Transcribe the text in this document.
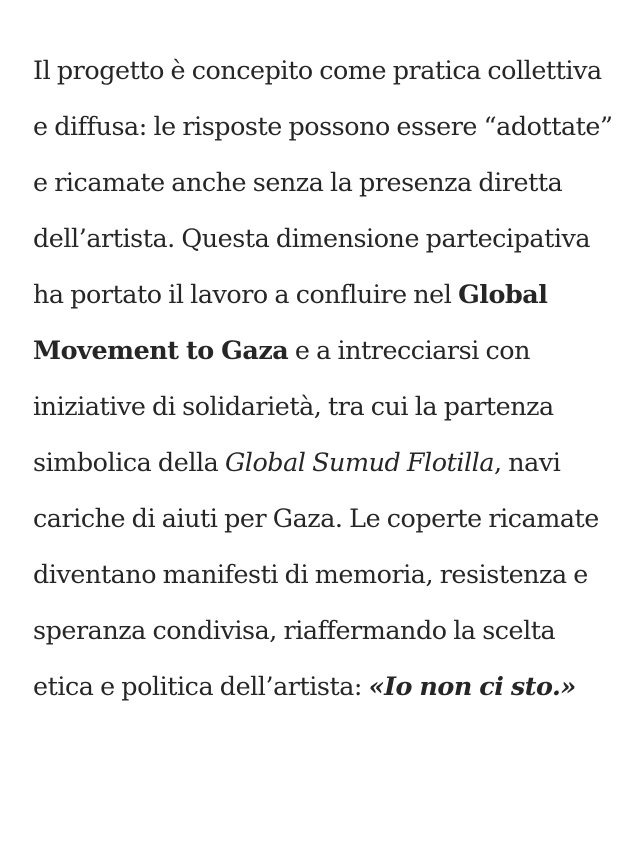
Il progetto è concepito come pratica collettiva e diffusa: le risposte possono essere “adottate” e ricamate anche senza la presenza diretta dell’artista. Questa dimensione partecipativa ha portato il lavoro a confluire nel Global Movement to Gaza e a intrecciarsi con iniziative di solidarietà, tra cui la partenza simbolica della Global Sumud Flotilla, navi cariche di aiuti per Gaza. Le coperte ricamate diventano manifesti di memoria, resistenza e speranza condivisa, riaffermando la scelta etica e politica dell’artista: «Io non ci sto.»
